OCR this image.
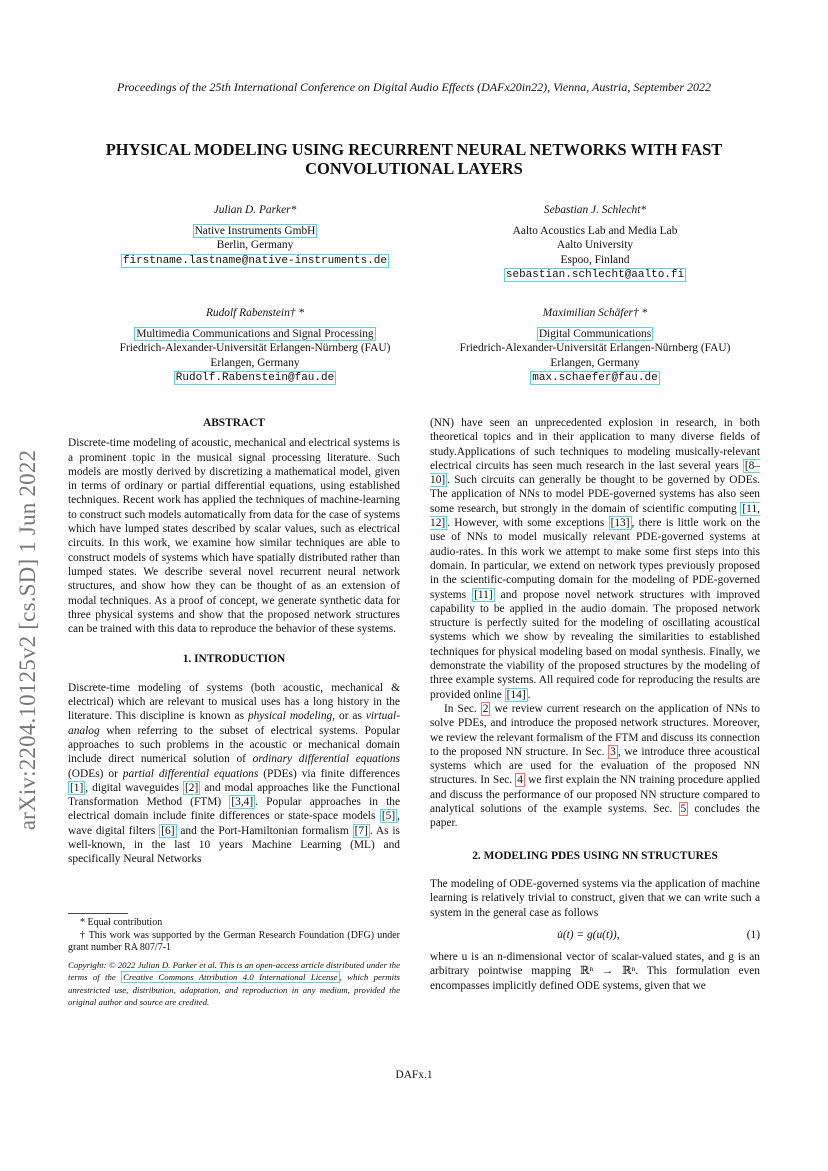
Proceedings of the 25th International Conference on Digital Audio Effects (DAFx20in22), Vienna, Austria, September 2022
PHYSICAL MODELING USING RECURRENT NEURAL NETWORKS WITH FAST CONVOLUTIONAL LAYERS
arXiv:2204.10125v2 [cs.SD] 1 Jun 2022
Julian D. Parker*
Native Instruments GmbH
Berlin, Germany
firstname.lastname@native-instruments.de
Sebastian J. Schlecht*
Aalto Acoustics Lab and Media Lab
Aalto University
Espoo, Finland
sebastian.schlecht@aalto.fi
Rudolf Rabenstein† *
Multimedia Communications and Signal Processing
Friedrich-Alexander-Universität Erlangen-Nürnberg (FAU)
Erlangen, Germany
Rudolf.Rabenstein@fau.de
Maximilian Schäfer† *
Digital Communications
Friedrich-Alexander-Universität Erlangen-Nürnberg (FAU)
Erlangen, Germany
max.schaefer@fau.de
ABSTRACT

Discrete-time modeling of acoustic, mechanical and electrical systems is a prominent topic in the musical signal processing literature. Such models are mostly derived by discretizing a mathematical model, given in terms of ordinary or partial differential equations, using established techniques. Recent work has applied the techniques of machine-learning to construct such models automatically from data for the case of systems which have lumped states described by scalar values, such as electrical circuits. In this work, we examine how similar techniques are able to construct models of systems which have spatially distributed rather than lumped states. We describe several novel recurrent neural network structures, and show how they can be thought of as an extension of modal techniques. As a proof of concept, we generate synthetic data for three physical systems and show that the proposed network structures can be trained with this data to reproduce the behavior of these systems.

1. INTRODUCTION

Discrete-time modeling of systems (both acoustic, mechanical & electrical) which are relevant to musical uses has a long history in the literature. This discipline is known as physical modeling, or as virtual-analog when referring to the subset of electrical systems. Popular approaches to such problems in the acoustic or mechanical domain include direct numerical solution of ordinary differential equations (ODEs) or partial differential equations (PDEs) via finite differences [1] , digital waveguides [2] and modal approaches like the Functional Transformation Method (FTM) [3,4] . Popular approaches in the electrical domain include finite differences or state-space models [5] , wave digital filters [6] and the Port-Hamiltonian formalism [7] . As is well-known, in the last 10 years Machine Learning (ML) and specifically Neural Networks

* Equal contribution
† This work was supported by the German Research Foundation (DFG) under grant number RA 807/7-1
Copyright: © 2022 Julian D. Parker et al. This is an open-access article distributed under the terms of the Creative Commons Attribution 4.0 International License , which permits unrestricted use, distribution, adaptation, and reproduction in any medium, provided the original author and source are credited.

(NN) have seen an unprecedented explosion in research, in both theoretical topics and in their application to many diverse fields of study.Applications of such techniques to modeling musically-relevant electrical circuits has seen much research in the last several years [8–10] . Such circuits can generally be thought to be governed by ODEs. The application of NNs to model PDE-governed systems has also seen some research, but strongly in the domain of scientific computing [11, 12] . However, with some exceptions [13] , there is little work on the use of NNs to model musically relevant PDE-governed systems at audio-rates. In this work we attempt to make some first steps into this domain. In particular, we extend on network types previously proposed in the scientific-computing domain for the modeling of PDE-governed systems [11] and propose novel network structures with improved capability to be applied in the audio domain. The proposed network structure is perfectly suited for the modeling of oscillating acoustical systems which we show by revealing the similarities to established techniques for physical modeling based on modal synthesis. Finally, we demonstrate the viability of the proposed structures by the modeling of three example systems. All required code for reproducing the results are provided online [14] .

In Sec. 2 we review current research on the application of NNs to solve PDEs, and introduce the proposed network structures. Moreover, we review the relevant formalism of the FTM and discuss its connection to the proposed NN structure. In Sec. 3 , we introduce three acoustical systems which are used for the evaluation of the proposed NN structures. In Sec. 4 we first explain the NN training procedure applied and discuss the performance of our proposed NN structure compared to analytical solutions of the example systems. Sec. 5 concludes the paper.

2. MODELING PDES USING NN STRUCTURES

The modeling of ODE-governed systems via the application of machine learning is relatively trivial to construct, given that we can write such a system in the general case as follows

u̇(t) = g(u(t)),	(1)

where u is an n-dimensional vector of scalar-valued states, and g is an arbitrary pointwise mapping ℝⁿ → ℝⁿ. This formulation even encompasses implicitly defined ODE systems, given that we

DAFx.1
